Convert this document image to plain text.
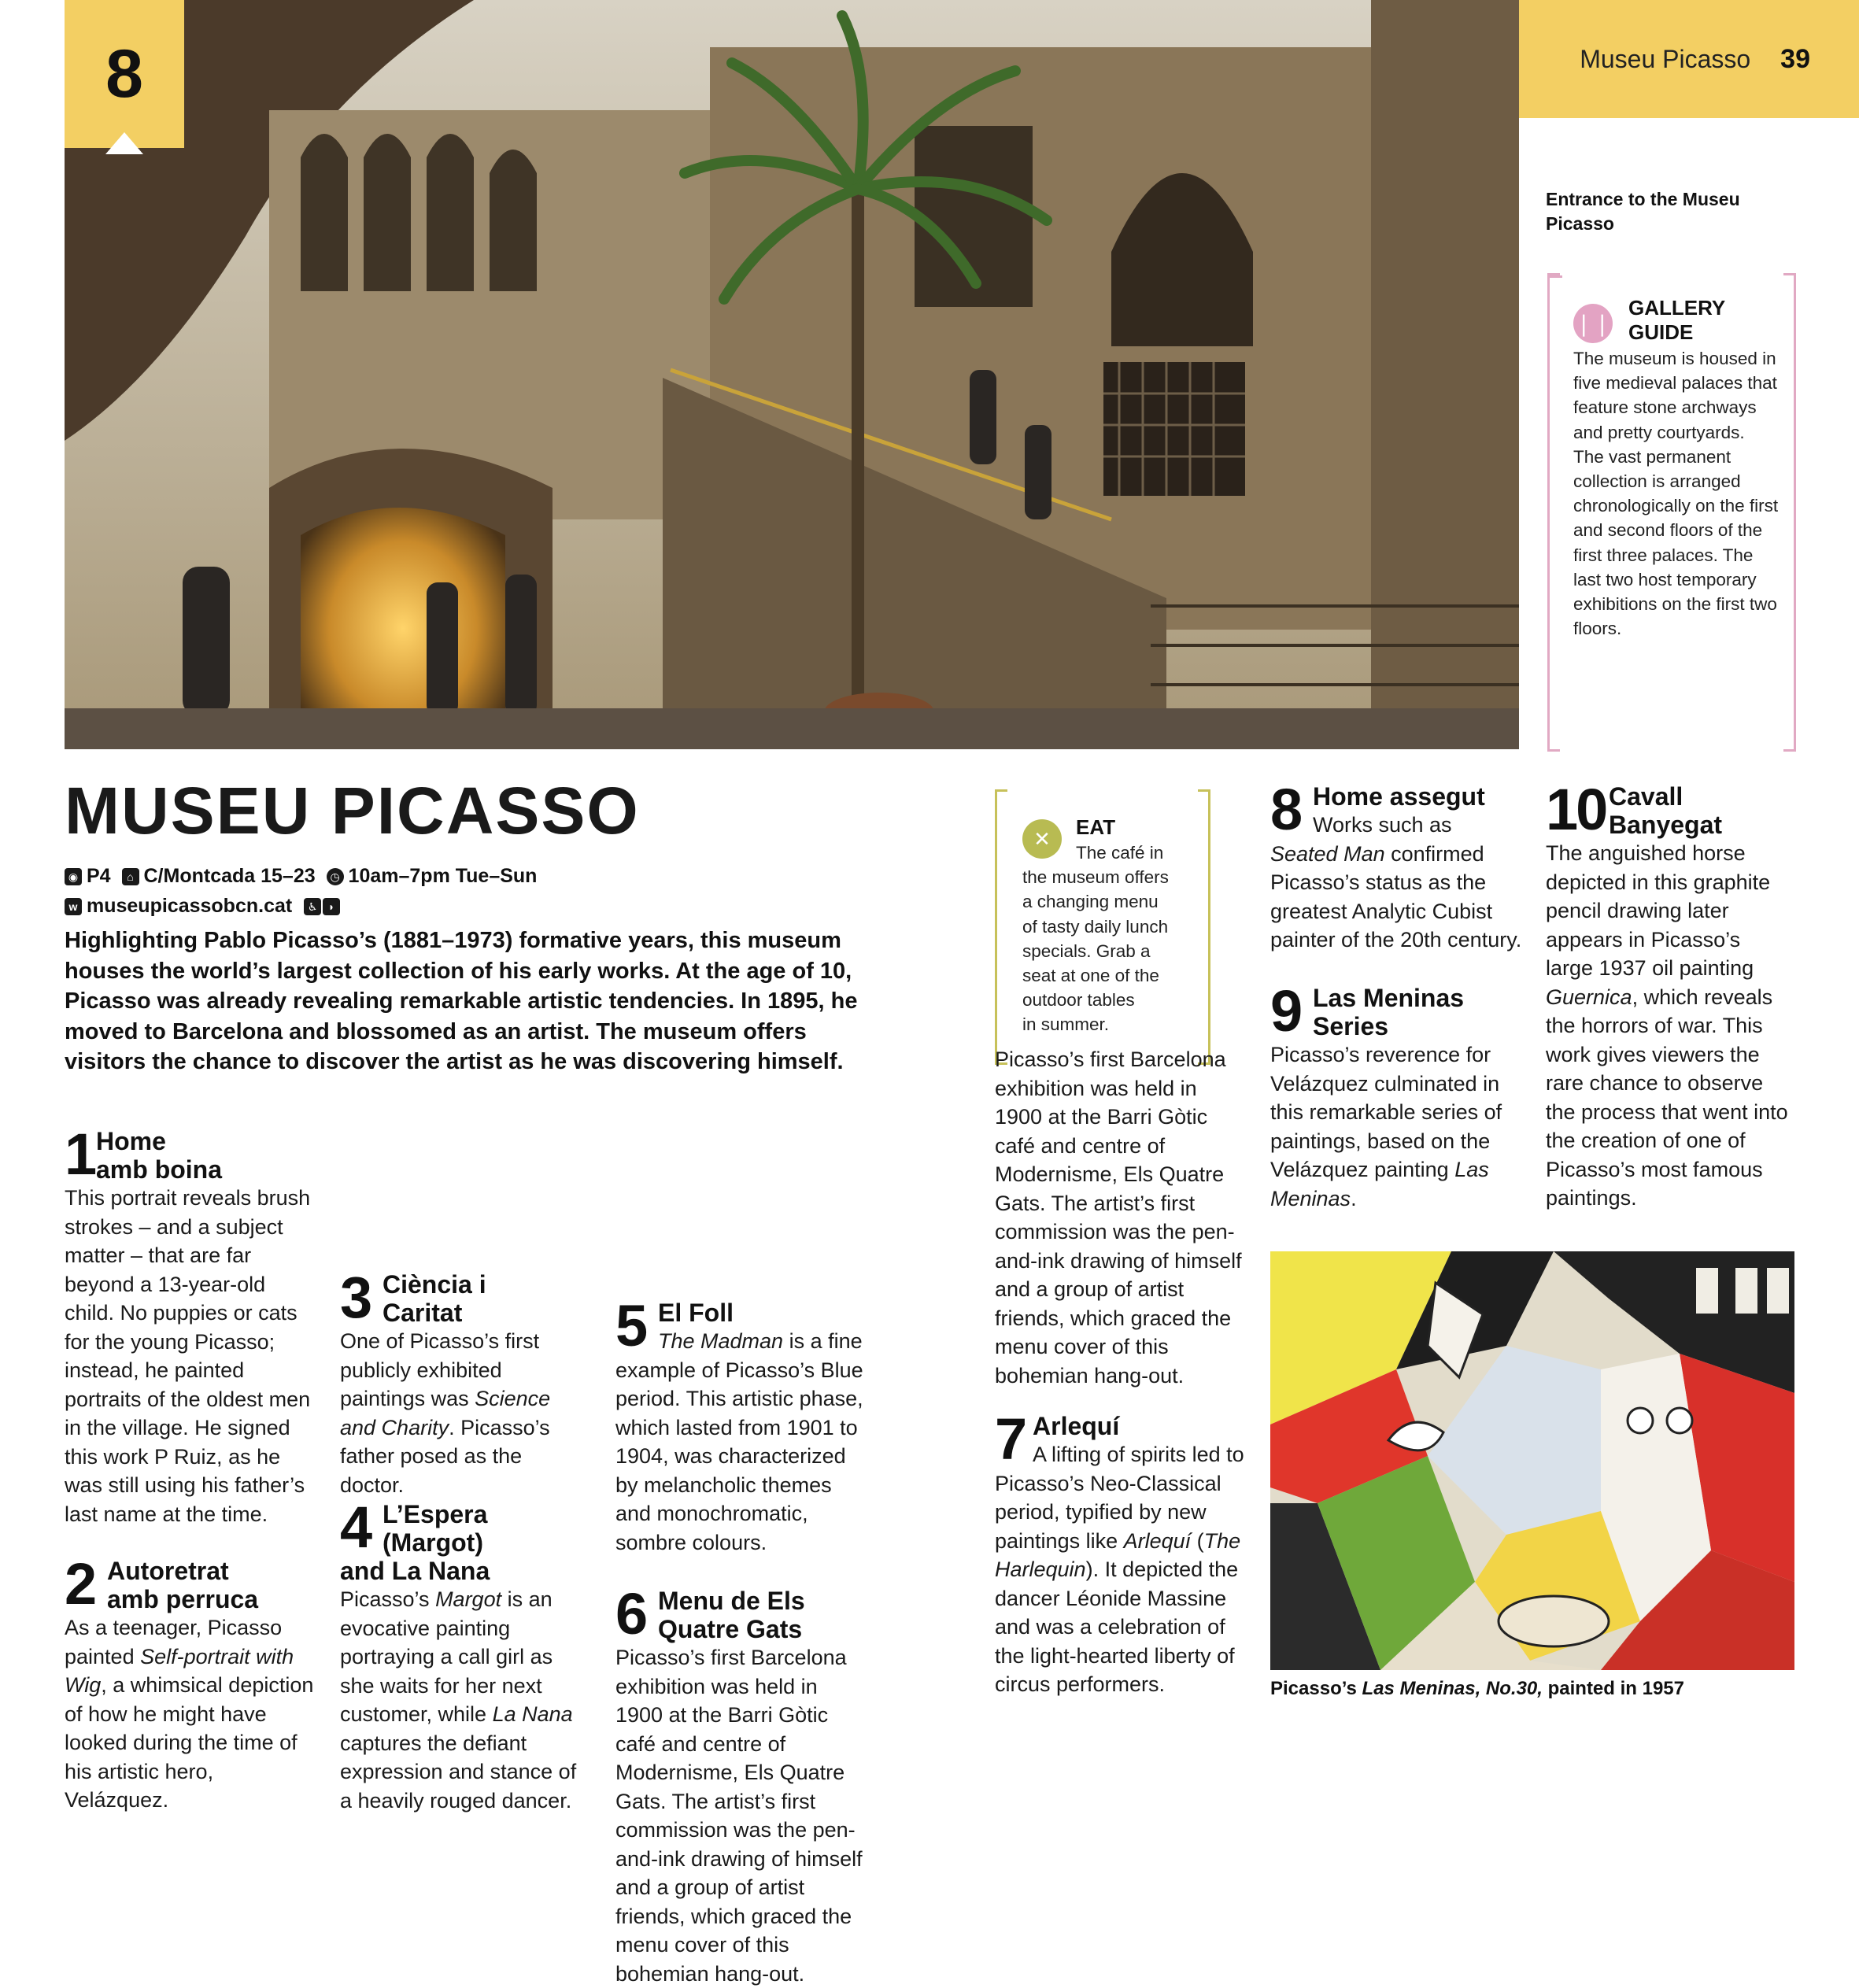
8	Museu Picasso 39
Entrance to the Museu Picasso
❘❘
GALLERY GUIDE
The museum is housed in five medieval palaces that feature stone archways and pretty courtyards. The vast permanent collection is arranged chronologically on the first and second floors of the first three palaces. The last two host temporary exhibitions on the first two floors.
MUSEU PICASSO
◉ P4 ⌂ C/Montcada 15–23 ◷ 10am–7pm Tue–Sun
w museupicassobcn.cat ♿ ◗
Highlighting Pablo Picasso’s (1881–1973) formative years, this museum houses the world’s largest collection of his early works. At the age of 10, Picasso was already revealing remarkable artistic tendencies. In 1895, he moved to Barcelona and blossomed as an artist. The museum offers visitors the chance to discover the artist as he was discovering himself.
1 Home
amb boina
This portrait reveals brush strokes – and a subject matter – that are far beyond a 13-year-old child. No puppies or cats for the young Picasso; instead, he painted portraits of the oldest men in the village. He signed this work P Ruiz, as he was still using his father’s last name at the time.
2 Autoretrat
amb perruca
As a teenager, Picasso painted Self-portrait with Wig, a whimsical depiction of how he might have looked during the time of his artistic hero, Velázquez.
3 Ciència i
Caritat
One of Picasso’s first publicly exhibited paintings was Science and Charity. Picasso’s father posed as the doctor.
4 L’Espera
(Margot)
and La Nana
Picasso’s Margot is an evocative painting portraying a call girl as she waits for her next customer, while La Nana captures the defiant expression and stance of a heavily rouged dancer.
5 El Foll
The Madman is a fine example of Picasso’s Blue period. This artistic phase, which lasted from 1901 to 1904, was characterized by melancholic themes and monochromatic, sombre colours.
6 Menu de Els
Quatre Gats
Picasso’s first Barcelona exhibition was held in 1900 at the Barri Gòtic café and centre of Modernisme, Els Quatre Gats. The artist’s first commission was the pen-and-ink drawing of himself and a group of artist friends, which graced the menu cover of this bohemian hang-out.
✕	EAT
The café in
the museum offers
a changing menu
of tasty daily lunch
specials. Grab a
seat at one of the
outdoor tables
in summer.
Picasso’s first Barcelona exhibition was held in 1900 at the Barri Gòtic café and centre of Modernisme, Els Quatre Gats. The artist’s first commission was the pen-and-ink drawing of himself and a group of artist friends, which graced the menu cover of this bohemian hang-out.
7 Arlequí
A lifting of spirits led to Picasso’s Neo-Classical period, typified by new paintings like Arlequí (The Harlequin). It depicted the dancer Léonide Massine and was a celebration of the light-hearted liberty of circus performers.
8 Home assegut
Works such as Seated Man confirmed Picasso’s status as the greatest Analytic Cubist painter of the 20th century.
9 Las Meninas
Series
Picasso’s reverence for Velázquez culminated in this remarkable series of paintings, based on the Velázquez painting Las Meninas.
10 Cavall
Banyegat
The anguished horse depicted in this graphite pencil drawing later appears in Picasso’s large 1937 oil painting Guernica, which reveals the horrors of war. This work gives viewers the rare chance to observe the process that went into the creation of one of Picasso’s most famous paintings.
Picasso’s Las Meninas, No.30, painted in 1957
